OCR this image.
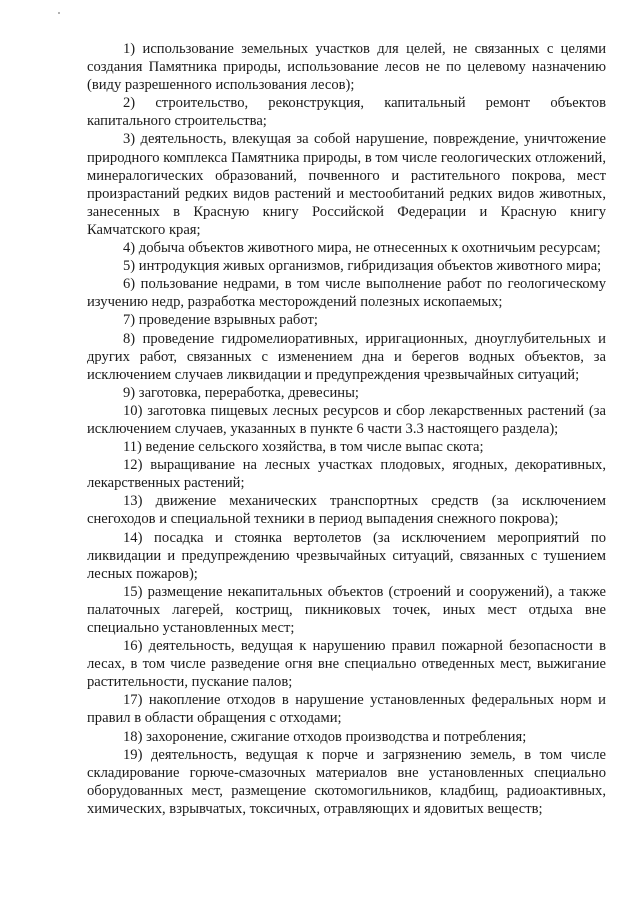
1) использование земельных участков для целей, не связанных с целями создания Памятника природы, использование лесов не по целевому назначению (виду разрешенного использования лесов);

2) строительство, реконструкция, капитальный ремонт объектов капитального строительства;

3) деятельность, влекущая за собой нарушение, повреждение, уничтожение природного комплекса Памятника природы, в том числе геологических отложений, минералогических образований, почвенного и растительного покрова, мест произрастаний редких видов растений и местообитаний редких видов животных, занесенных в Красную книгу Российской Федерации и Красную книгу Камчатского края;

4) добыча объектов животного мира, не отнесенных к охотничьим ресурсам;

5) интродукция живых организмов, гибридизация объектов животного мира;

6) пользование недрами, в том числе выполнение работ по геологическому изучению недр, разработка месторождений полезных ископаемых;

7) проведение взрывных работ;

8) проведение гидромелиоративных, ирригационных, дноуглубительных и других работ, связанных с изменением дна и берегов водных объектов, за исключением случаев ликвидации и предупреждения чрезвычайных ситуаций;

9) заготовка, переработка, древесины;

10) заготовка пищевых лесных ресурсов и сбор лекарственных растений (за исключением случаев, указанных в пункте 6 части 3.3 настоящего раздела);

11) ведение сельского хозяйства, в том числе выпас скота;

12) выращивание на лесных участках плодовых, ягодных, декоративных, лекарственных растений;

13) движение механических транспортных средств (за исключением снегоходов и специальной техники в период выпадения снежного покрова);

14) посадка и стоянка вертолетов (за исключением мероприятий по ликвидации и предупреждению чрезвычайных ситуаций, связанных с тушением лесных пожаров);

15) размещение некапитальных объектов (строений и сооружений), а также палаточных лагерей, кострищ, пикниковых точек, иных мест отдыха вне специально установленных мест;

16) деятельность, ведущая к нарушению правил пожарной безопасности в лесах, в том числе разведение огня вне специально отведенных мест, выжигание растительности, пускание палов;

17) накопление отходов в нарушение установленных федеральных норм и правил в области обращения с отходами;

18) захоронение, сжигание отходов производства и потребления;

19) деятельность, ведущая к порче и загрязнению земель, в том числе складирование горюче-смазочных материалов вне установленных специально оборудованных мест, размещение скотомогильников, кладбищ, радиоактивных, химических, взрывчатых, токсичных, отравляющих и ядовитых веществ;
